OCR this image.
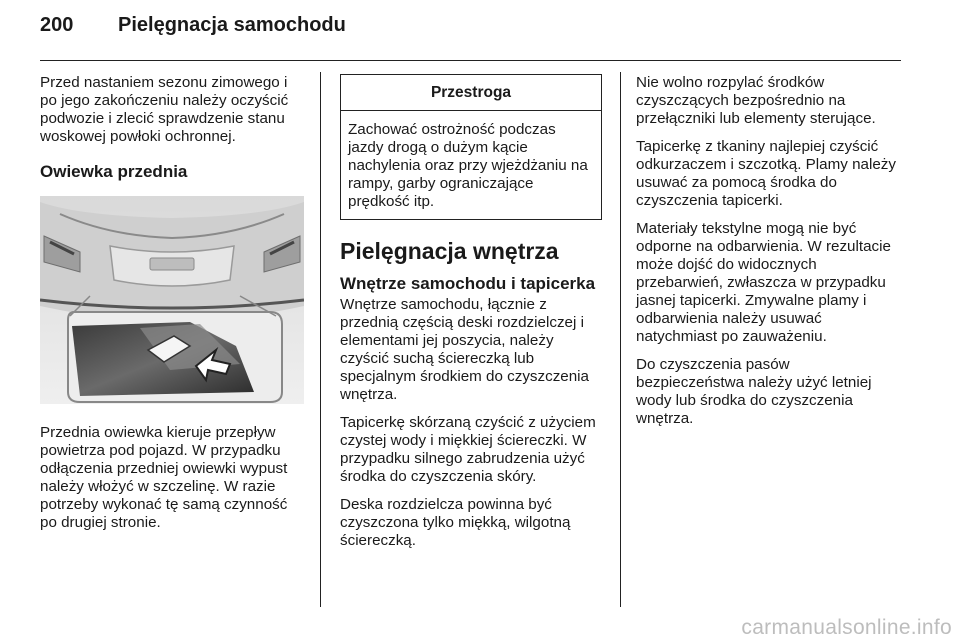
200	Pielęgnacja samochodu

Przed nastaniem sezonu zimowego i po jego zakończeniu należy oczyścić podwozie i zlecić sprawdzenie stanu woskowej powłoki ochronnej.

Owiewka przednia

Przednia owiewka kieruje przepływ powietrza pod pojazd. W przypadku odłączenia przedniej owiewki wypust należy włożyć w szczelinę. W razie potrzeby wykonać tę samą czynność po drugiej stronie.

Przestroga
Zachować ostrożność podczas jazdy drogą o dużym kącie nachylenia oraz przy wjeżdżaniu na rampy, garby ograniczające prędkość itp.
Pielęgnacja wnętrza
Wnętrze samochodu i tapicerka

Wnętrze samochodu, łącznie z przednią częścią deski rozdzielczej i elementami jej poszycia, należy czyścić suchą ściereczką lub specjalnym środkiem do czyszczenia wnętrza.

Tapicerkę skórzaną czyścić z użyciem czystej wody i miękkiej ściereczki. W przypadku silnego zabrudzenia użyć środka do czyszczenia skóry.

Deska rozdzielcza powinna być czyszczona tylko miękką, wilgotną ściereczką.

Nie wolno rozpylać środków czyszczących bezpośrednio na przełączniki lub elementy sterujące.

Tapicerkę z tkaniny najlepiej czyścić odkurzaczem i szczotką. Plamy należy usuwać za pomocą środka do czyszczenia tapicerki.

Materiały tekstylne mogą nie być odporne na odbarwienia. W rezultacie może dojść do widocznych przebarwień, zwłaszcza w przypadku jasnej tapicerki. Zmywalne plamy i odbarwienia należy usuwać natychmiast po zauważeniu.

Do czyszczenia pasów bezpieczeństwa należy użyć letniej wody lub środka do czyszczenia wnętrza.

carmanualsonline.info
